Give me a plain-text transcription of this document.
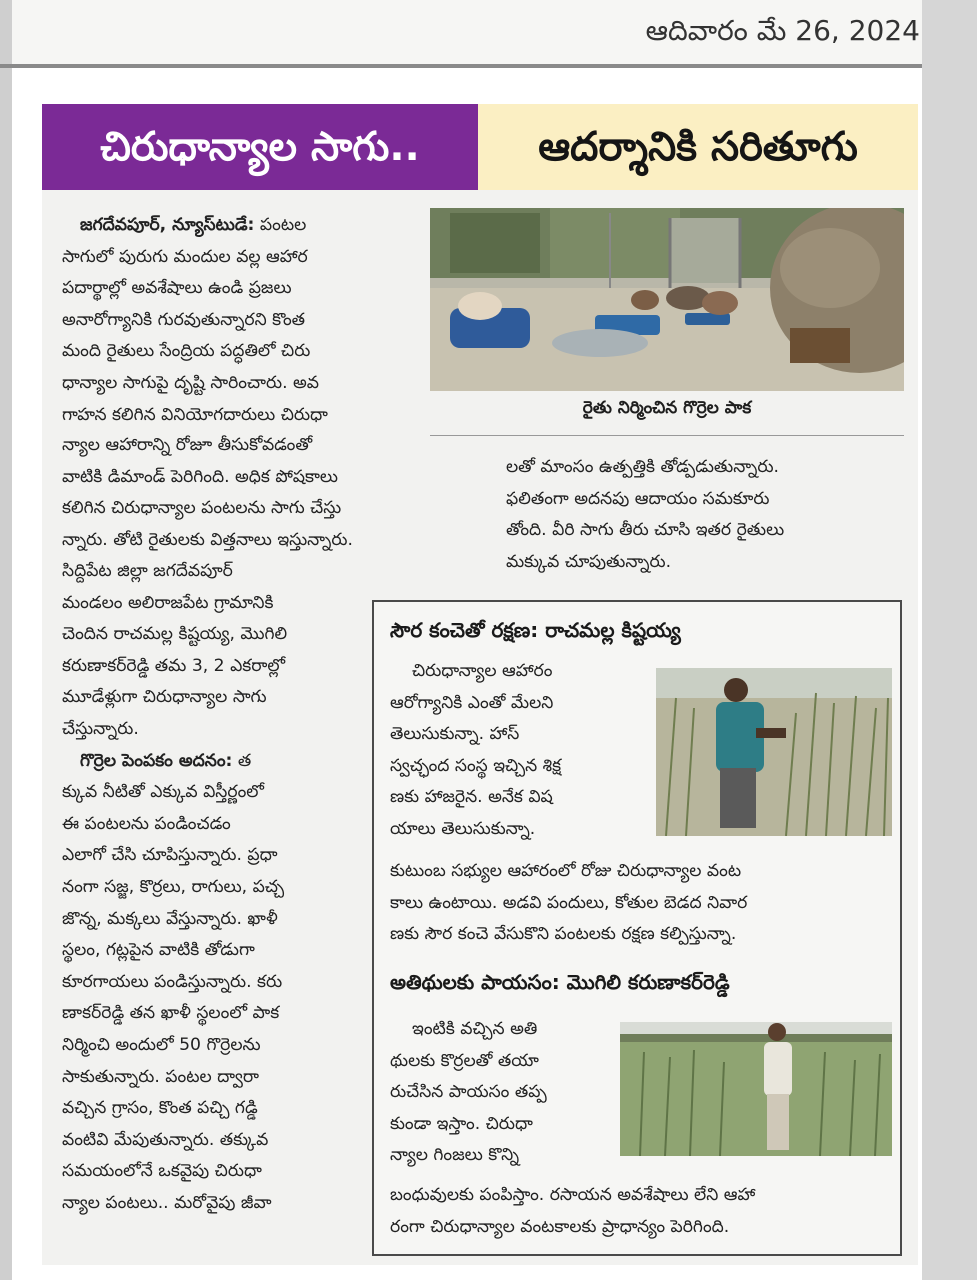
ఆదివారం మే 26, 2024
చిరుధాన్యాల సాగు..	ఆదర్శానికి సరితూగు

జగదేవపూర్, న్యూస్‌టుడే: పంటల

సాగులో పురుగు మందుల వల్ల ఆహార

పదార్థాల్లో అవశేషాలు ఉండి ప్రజలు

అనారోగ్యానికి గురవుతున్నారని కొంత

మంది రైతులు సేంద్రియ పద్ధతిలో చిరు

ధాన్యాల సాగుపై దృష్టి సారించారు. అవ

గాహన కలిగిన వినియోగదారులు చిరుధా

న్యాల ఆహారాన్ని రోజూ తీసుకోవడంతో

వాటికి డిమాండ్ పెరిగింది. అధిక పోషకాలు

కలిగిన చిరుధాన్యాల పంటలను సాగు చేస్తు

న్నారు. తోటి రైతులకు విత్తనాలు ఇస్తున్నారు.

సిద్దిపేట జిల్లా జగదేవపూర్

మండలం అలిరాజపేట గ్రామానికి

చెందిన రాచమల్ల కిష్టయ్య, మొగిలి

కరుణాకర్‌రెడ్డి తమ 3, 2 ఎకరాల్లో

మూడేళ్లుగా చిరుధాన్యాల సాగు

చేస్తున్నారు.

గొర్రెల పెంపకం అదనం: త

క్కువ నీటితో ఎక్కువ విస్తీర్ణంలో

ఈ పంటలను పండించడం

ఎలాగో చేసి చూపిస్తున్నారు. ప్రధా

నంగా సజ్జ, కొర్రలు, రాగులు, పచ్చ

జొన్న, మక్కలు వేస్తున్నారు. ఖాళీ

స్థలం, గట్లపైన వాటికి తోడుగా

కూరగాయలు పండిస్తున్నారు. కరు

ణాకర్‌రెడ్డి తన ఖాళీ స్థలంలో పాక

నిర్మించి అందులో 50 గొర్రెలను

సాకుతున్నారు. పంటల ద్వారా

వచ్చిన గ్రాసం, కొంత పచ్చి గడ్డి

వంటివి మేపుతున్నారు. తక్కువ

సమయంలోనే ఒకవైపు చిరుధా

న్యాల పంటలు.. మరోవైపు జీవా

లతో మాంసం ఉత్పత్తికి తోడ్పడుతున్నారు.

ఫలితంగా అదనపు ఆదాయం సమకూరు

తోంది. వీరి సాగు తీరు చూసి ఇతర రైతులు

మక్కువ చూపుతున్నారు.

రైతు నిర్మించిన గొర్రెల పాక
సౌర కంచెతో రక్షణ: రాచమల్ల కిష్టయ్య

చిరుధాన్యాల ఆహారం

ఆరోగ్యానికి ఎంతో మేలని

తెలుసుకున్నా. హాస్

స్వచ్ఛంద సంస్థ ఇచ్చిన శిక్ష

ణకు హాజరైన. అనేక విష

యాలు తెలుసుకున్నా.

కుటుంబ సభ్యుల ఆహారంలో రోజు చిరుధాన్యాల వంట

కాలు ఉంటాయి. అడవి పందులు, కోతుల బెడద నివార

ణకు సౌర కంచె వేసుకొని పంటలకు రక్షణ కల్పిస్తున్నా.

అతిథులకు పాయసం: మొగిలి కరుణాకర్‌రెడ్డి

ఇంటికి వచ్చిన అతి

థులకు కొర్రలతో తయా

రుచేసిన పాయసం తప్ప

కుండా ఇస్తాం. చిరుధా

న్యాల గింజలు కొన్ని

బంధువులకు పంపిస్తాం. రసాయన అవశేషాలు లేని ఆహా

రంగా చిరుధాన్యాల వంటకాలకు ప్రాధాన్యం పెరిగింది.
